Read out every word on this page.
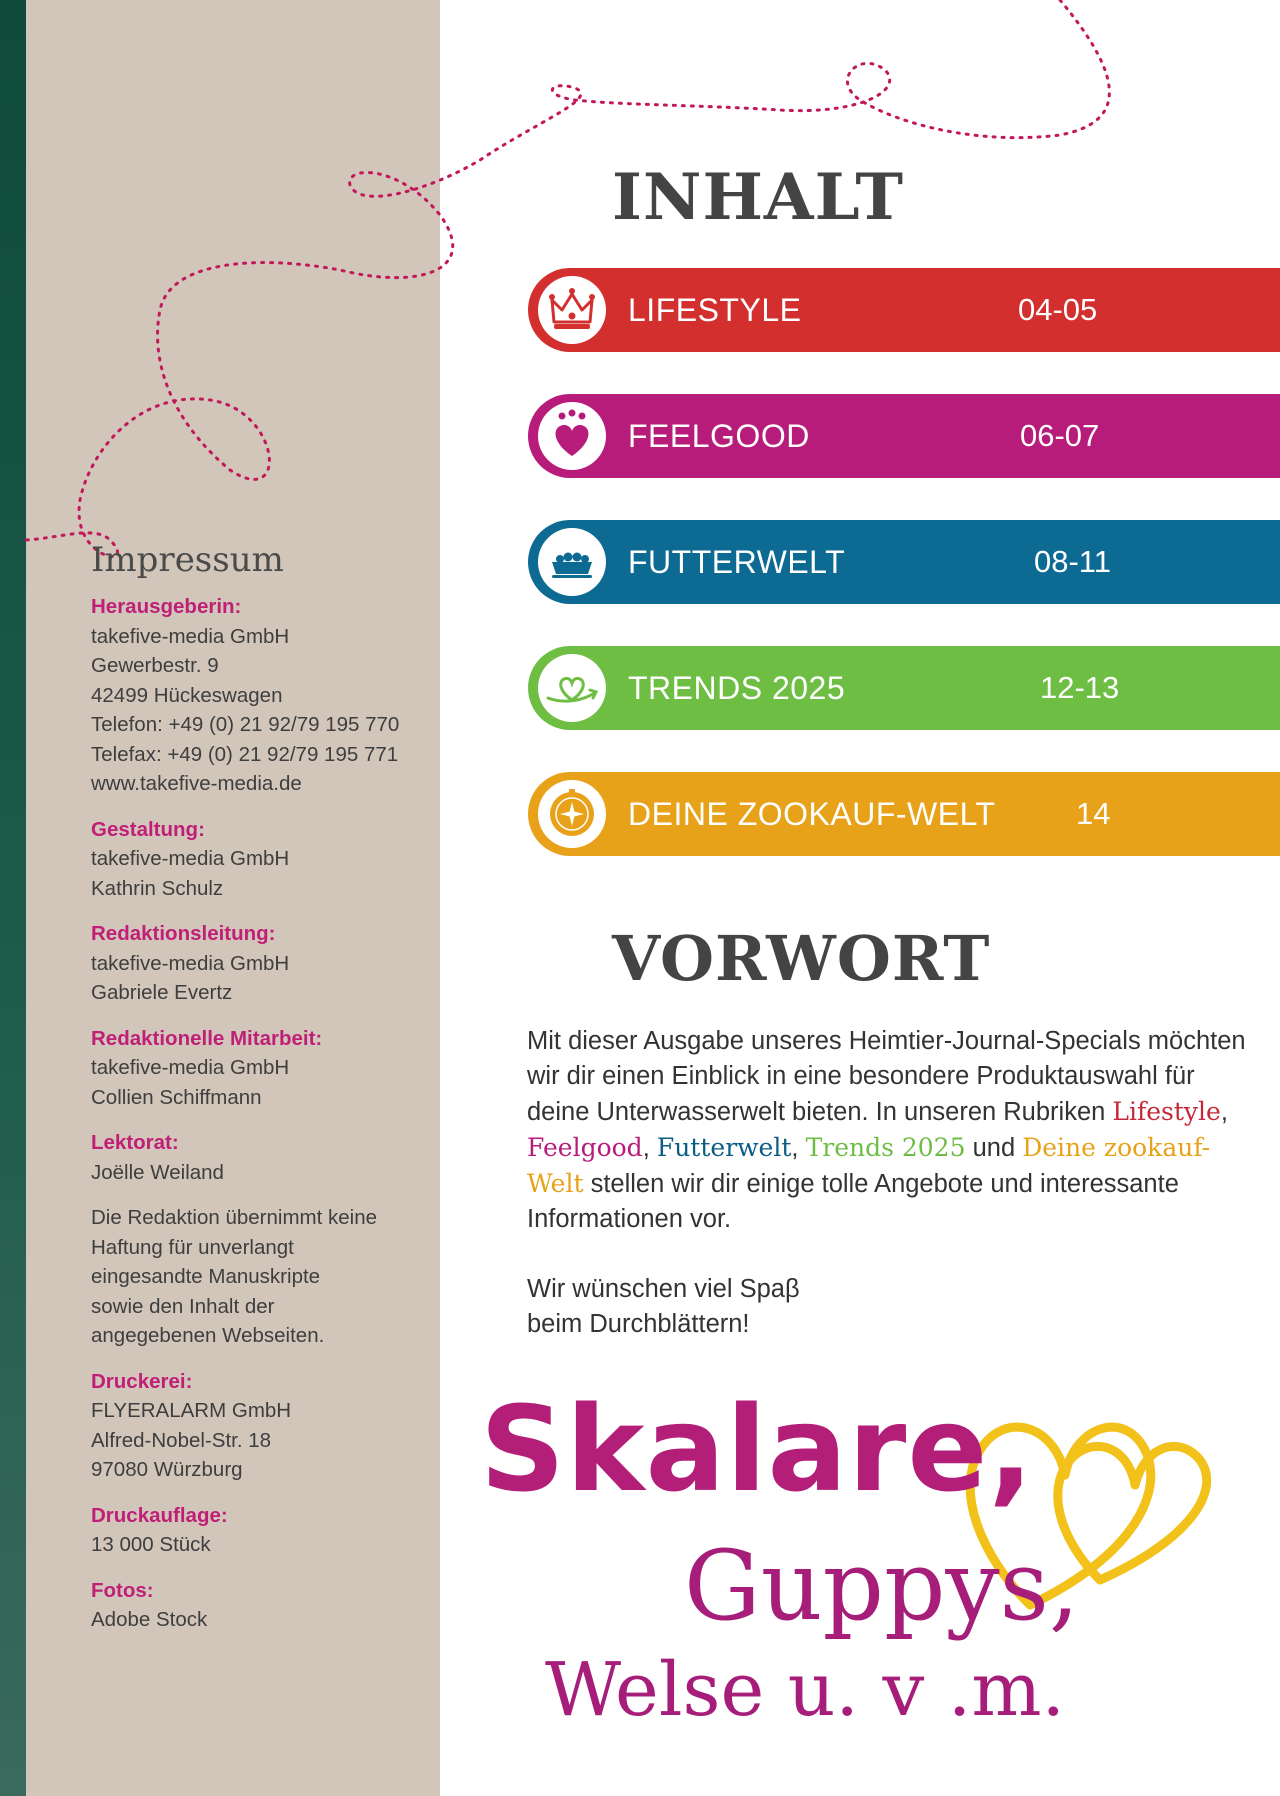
Impressum
Herausgeberin:
takefive-media GmbH
Gewerbestr. 9
42499 Hückeswagen
Telefon: +49 (0) 21 92/79 195 770
Telefax: +49 (0) 21 92/79 195 771
www.takefive-media.de
Gestaltung:
takefive-media GmbH
Kathrin Schulz
Redaktionsleitung:
takefive-media GmbH
Gabriele Evertz
Redaktionelle Mitarbeit:
takefive-media GmbH
Collien Schiffmann
Lektorat:
Joëlle Weiland
Die Redaktion übernimmt keine
Haftung für unverlangt
eingesandte Manuskripte
sowie den Inhalt der
angegebenen Webseiten.
Druckerei:
FLYERALARM GmbH
Alfred-Nobel-Str. 18
97080 Würzburg
Druckauflage:
13 000 Stück
Fotos:
Adobe Stock
INHALT
LIFESTYLE	04-05
FEELGOOD	06-07
FUTTERWELT	08-11
TRENDS 2025	12-13
DEINE ZOOKAUF-WELT	14
VORWORT

Mit dieser Ausgabe unseres Heimtier-Journal-Specials möchten wir dir einen Einblick in eine besondere Produktauswahl für deine Unterwasserwelt bieten. In unseren Rubriken Lifestyle, Feelgood, Futterwelt, Trends 2025 und Deine zookauf-Welt stellen wir dir einige tolle Angebote und interessante Informationen vor.

Wir wünschen viel Spaβ
beim Durchblättern!

Skalare,
Guppys,
Welse u. v .m.
